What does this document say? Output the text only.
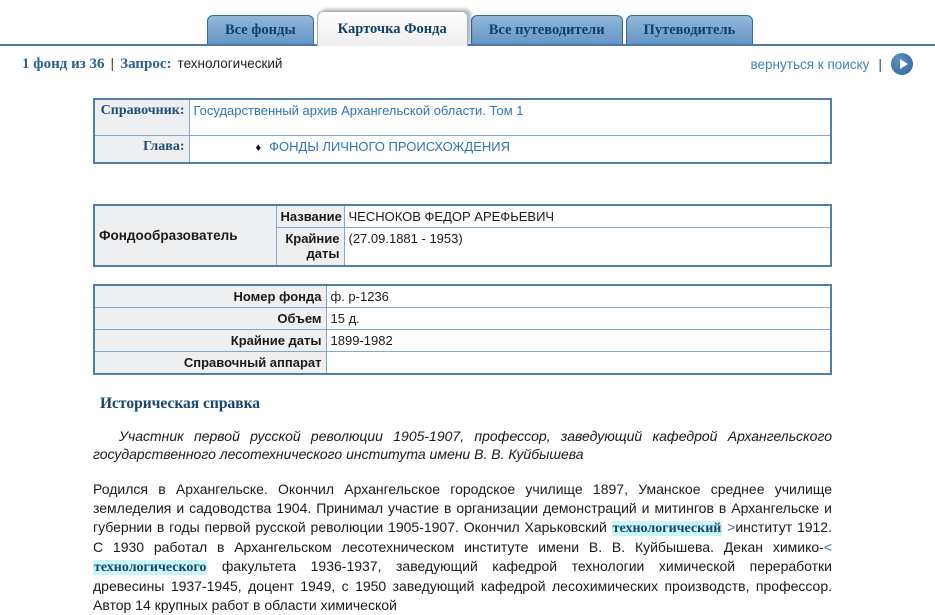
Все фонды	Карточка Фонда	Все путеводители	Путеводитель
1 фонд из 36 | Запрос: технологический	вернуться к поиску |
Справочник:	Государственный архив Архангельской области. Том 1
Глава:	♦ ФОНДЫ ЛИЧНОГО ПРОИСХОЖДЕНИЯ
Фондообразователь	Название	ЧЕСНОКОВ ФЕДОР АРЕФЬЕВИЧ
	Крайние даты	(27.09.1881 - 1953)
Номер фонда	ф. р-1236
Объем	15 д.
Крайние даты	1899-1982
Справочный аппарат	
Историческая справка

Участник первой русской революции 1905-1907, профессор, заведующий кафедрой Архангельского государственного лесотехнического института имени В. В. Куйбышева

Родился в Архангельске. Окончил Архангельское городское училище 1897, Уманское среднее училище земледелия и садоводства 1904. Принимал участие в организации демонстраций и митингов в Архангельске и губернии в годы первой русской революции 1905-1907. Окончил Харьковский технологический >институт 1912. С 1930 работал в Архангельском лесотехническом институте имени В. В. Куйбышева. Декан химико-< технологического факультета 1936-1937, заведующий кафедрой технологии химической переработки древесины 1937-1945, доцент 1949, с 1950 заведующий кафедрой лесохимических производств, профессор. Автор 14 крупных работ в области химической
